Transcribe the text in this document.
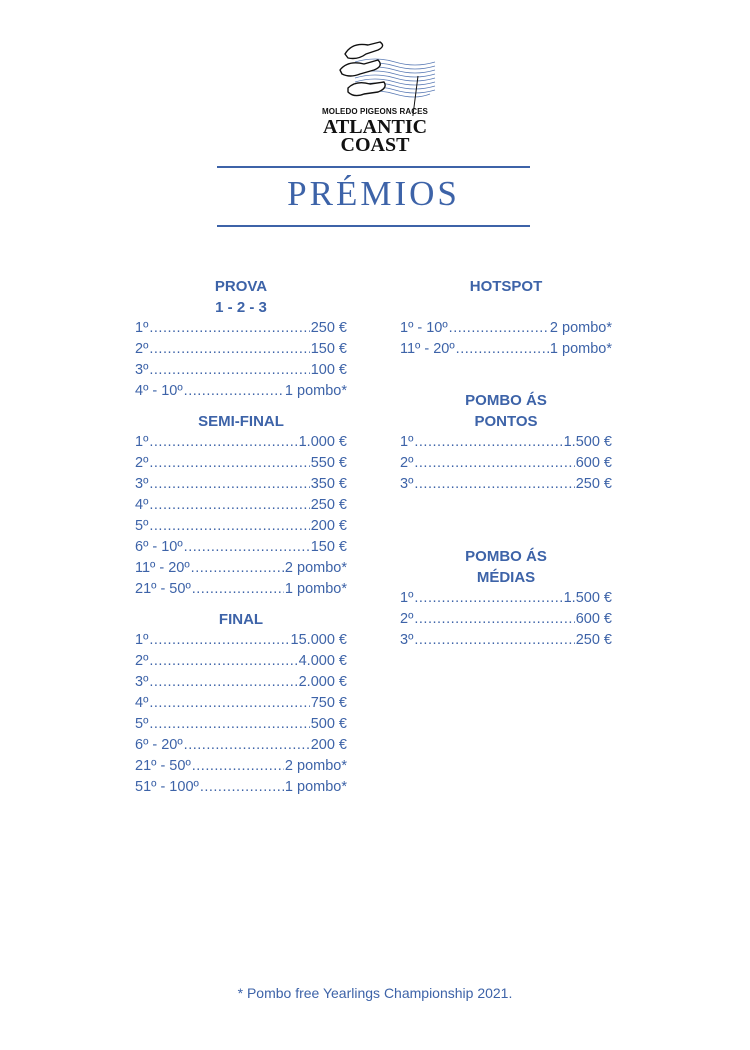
MOLEDO PIGEONS RACES
ATLANTIC
COAST
PRÉMIOS
PROVA
1 - 2 - 3
1º .....	250 €
2º .....	150 €
3º .....	100 €
4º - 10º .....	1 pombo*
SEMI-FINAL
1º .....	1.000 €
2º .....	550 €
3º .....	350 €
4º .....	250 €
5º .....	200 €
6º - 10º .....	150 €
11º - 20º .....	2 pombo*
21º - 50º .....	1 pombo*
FINAL
1º .....	15.000 €
2º .....	4.000 €
3º .....	2.000 €
4º .....	750 €
5º .....	500 €
6º - 20º .....	200 €
21º - 50º .....	2 pombo*
51º - 100º .....	1 pombo*
HOTSPOT
1º - 10º .....	2 pombo*
11º - 20º .....	1 pombo*
POMBO ÁS
PONTOS
1º .....	1.500 €
2º .....	600 €
3º .....	250 €
POMBO ÁS
MÉDIAS
1º .....	1.500 €
2º .....	600 €
3º .....	250 €
* Pombo free Yearlings Championship 2021.
